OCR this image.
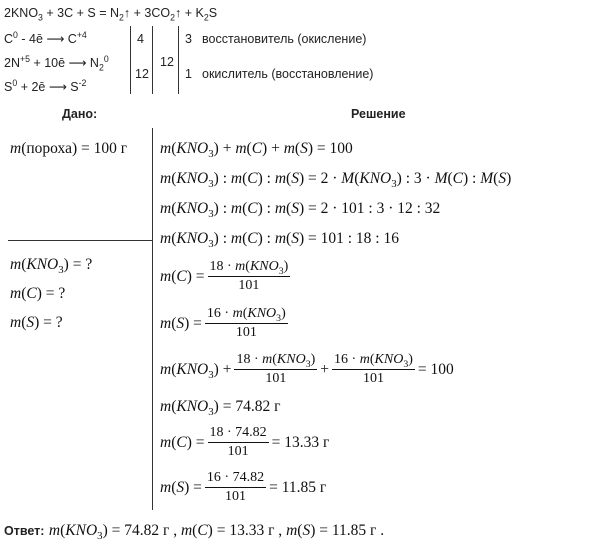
$2KNO_3 + 3C + S$ = $N_2↑$ + $3CO_2↑ + K_2S$
$C^0$ - 4ē ⟶ $C^{+4}$
$2N^{+5}$ + 10ē ⟶ $N_2^0$
$S^0$ + 2ē ⟶ $S^{-2}$
4
12
12
3 восстановитель (окисление)
1 окислитель (восстановление)
Дано:	Решение
m(пороха) = 100 г
$m(KNO_3)$ = ?
m(C) = ?
m(S) = ?
$m(KNO_3) + m(C) + m(S) = 100$
$m(KNO_3)$ : m(C) : $m(S) = 2 \cdot M(KNO_3)$ : 3 · M(C) : M(S)
$m(KNO_3)$ : m(C) : m(S) = 2 · 101 : 3 · 12 : 32
$m(KNO_3)$ : m(C) : m(S) = 101 : 18 : 16
$m(C) = \frac{18 \cdot m(KNO_3)}{101}$
$m(S) = \frac{16 \cdot m(KNO_3)}{101}$
$m(KNO_3) + \frac{18 \cdot m(KNO_3)}{101} + \frac{16 \cdot m(KNO_3)}{101} = 100$
$m(KNO_3) = 74.82$ г
$m(C) = \frac{18 \cdot 74.82}{101} = 13.33$ г
$m(S) = \frac{16 \cdot 74.82}{101} = 11.85$ г
Ответ: $m(KNO_3) = 74.82$ г , m(C) = 13.33 г , m(S) = 11.85 г .
